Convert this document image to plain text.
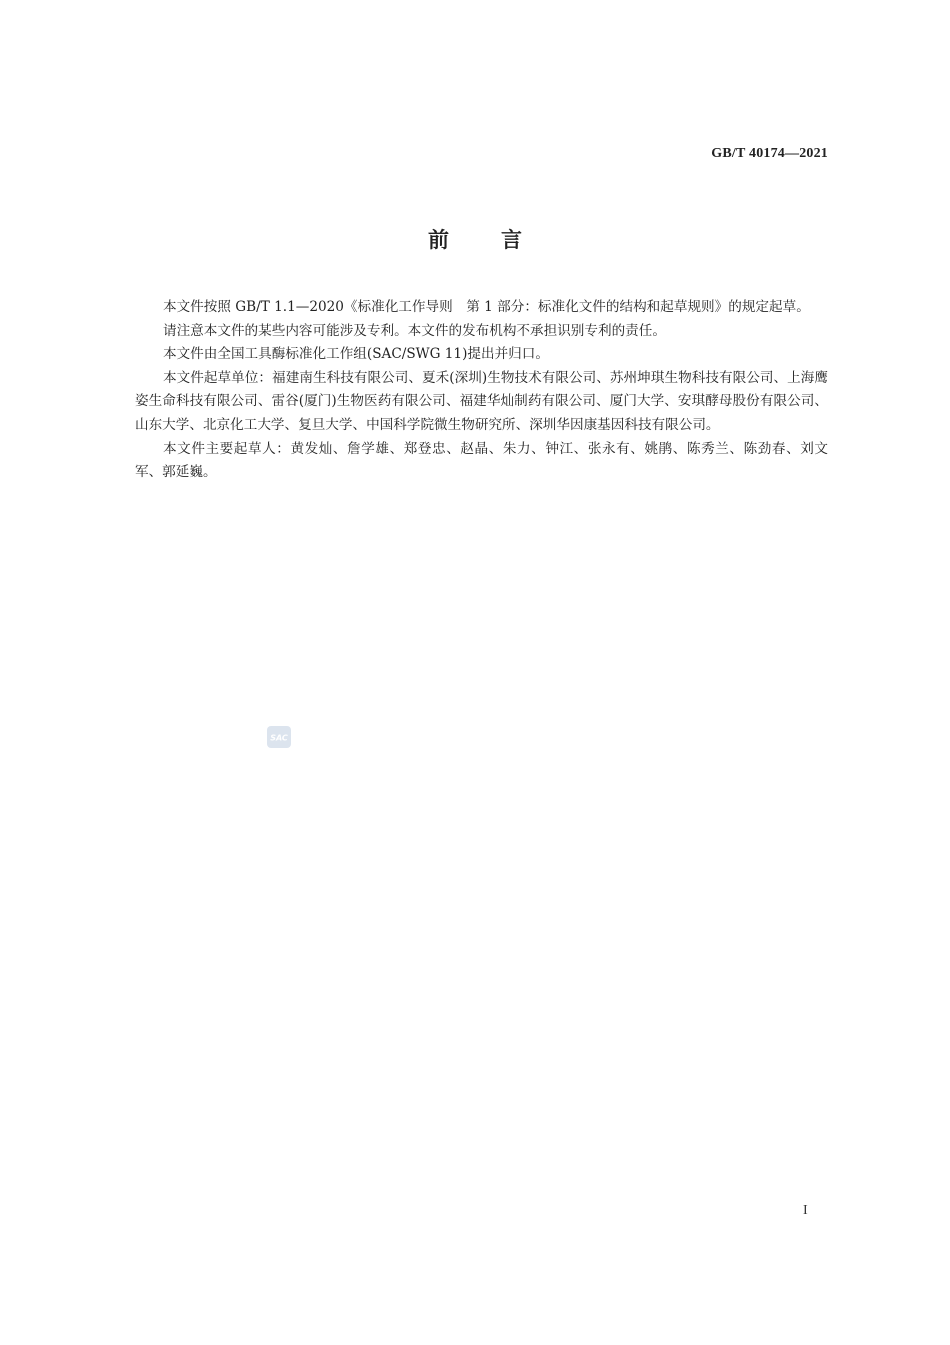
GB/T 40174—2021
前言

本文件按照 GB/T 1.1—2020《标准化工作导则　第 1 部分：标准化文件的结构和起草规则》的规定起草。

请注意本文件的某些内容可能涉及专利。本文件的发布机构不承担识别专利的责任。

本文件由全国工具酶标准化工作组(SAC/SWG 11)提出并归口。

本文件起草单位：福建南生科技有限公司、夏禾(深圳)生物技术有限公司、苏州坤琪生物科技有限公司、上海鹰姿生命科技有限公司、雷谷(厦门)生物医药有限公司、福建华灿制药有限公司、厦门大学、安琪酵母股份有限公司、山东大学、北京化工大学、复旦大学、中国科学院微生物研究所、深圳华因康基因科技有限公司。

本文件主要起草人：黄发灿、詹学雄、郑登忠、赵晶、朱力、钟江、张永有、姚鹃、陈秀兰、陈劲春、刘文军、郭延巍。

SAC
I
